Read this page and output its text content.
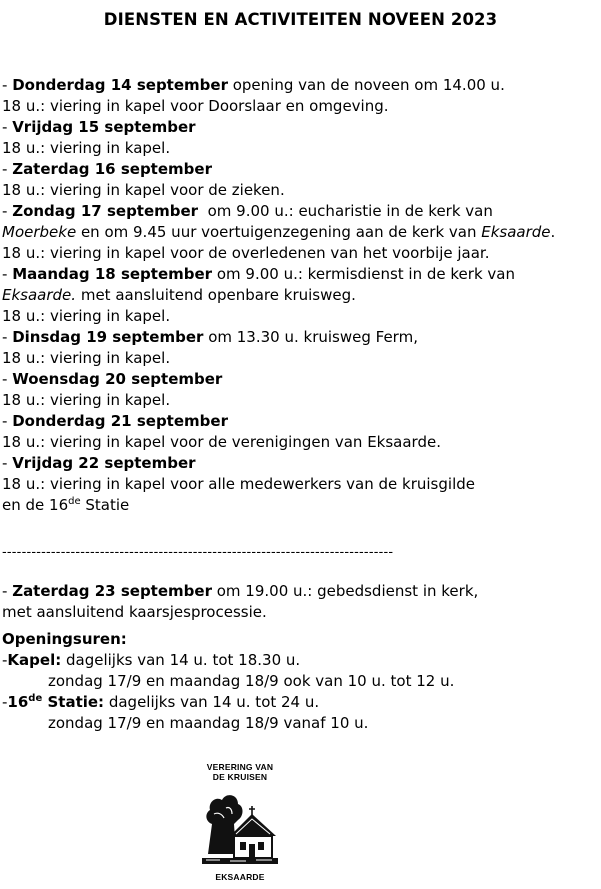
DIENSTEN EN ACTIVITEITEN NOVEEN 2023
- Donderdag 14 september opening van de noveen om 14.00 u.
18 u.: viering in kapel voor Doorslaar en omgeving.
- Vrijdag 15 september
18 u.: viering in kapel.
- Zaterdag 16 september
18 u.: viering in kapel voor de zieken.
- Zondag 17 september  om 9.00 u.: eucharistie in de kerk van
Moerbeke en om 9.45 uur voertuigenzegening aan de kerk van Eksaarde.
18 u.: viering in kapel voor de overledenen van het voorbije jaar.
- Maandag 18 september om 9.00 u.: kermisdienst in de kerk van
Eksaarde. met aansluitend openbare kruisweg.
18 u.: viering in kapel.
- Dinsdag 19 september om 13.30 u. kruisweg Ferm,
18 u.: viering in kapel.
- Woensdag 20 september
18 u.: viering in kapel.
- Donderdag 21 september
18 u.: viering in kapel voor de verenigingen van Eksaarde.
- Vrijdag 22 september
18 u.: viering in kapel voor alle medewerkers van de kruisgilde
en de 16de Statie
--------------------------------------------------------------------------------
- Zaterdag 23 september om 19.00 u.: gebedsdienst in kerk,
met aansluitend kaarsjesprocessie.
Openingsuren:
-Kapel: dagelijks van 14 u. tot 18.30 u.
zondag 17/9 en maandag 18/9 ook van 10 u. tot 12 u.
-16de Statie: dagelijks van 14 u. tot 24 u.
zondag 17/9 en maandag 18/9 vanaf 10 u.
VERERING VAN
DE KRUISEN
EKSAARDE
